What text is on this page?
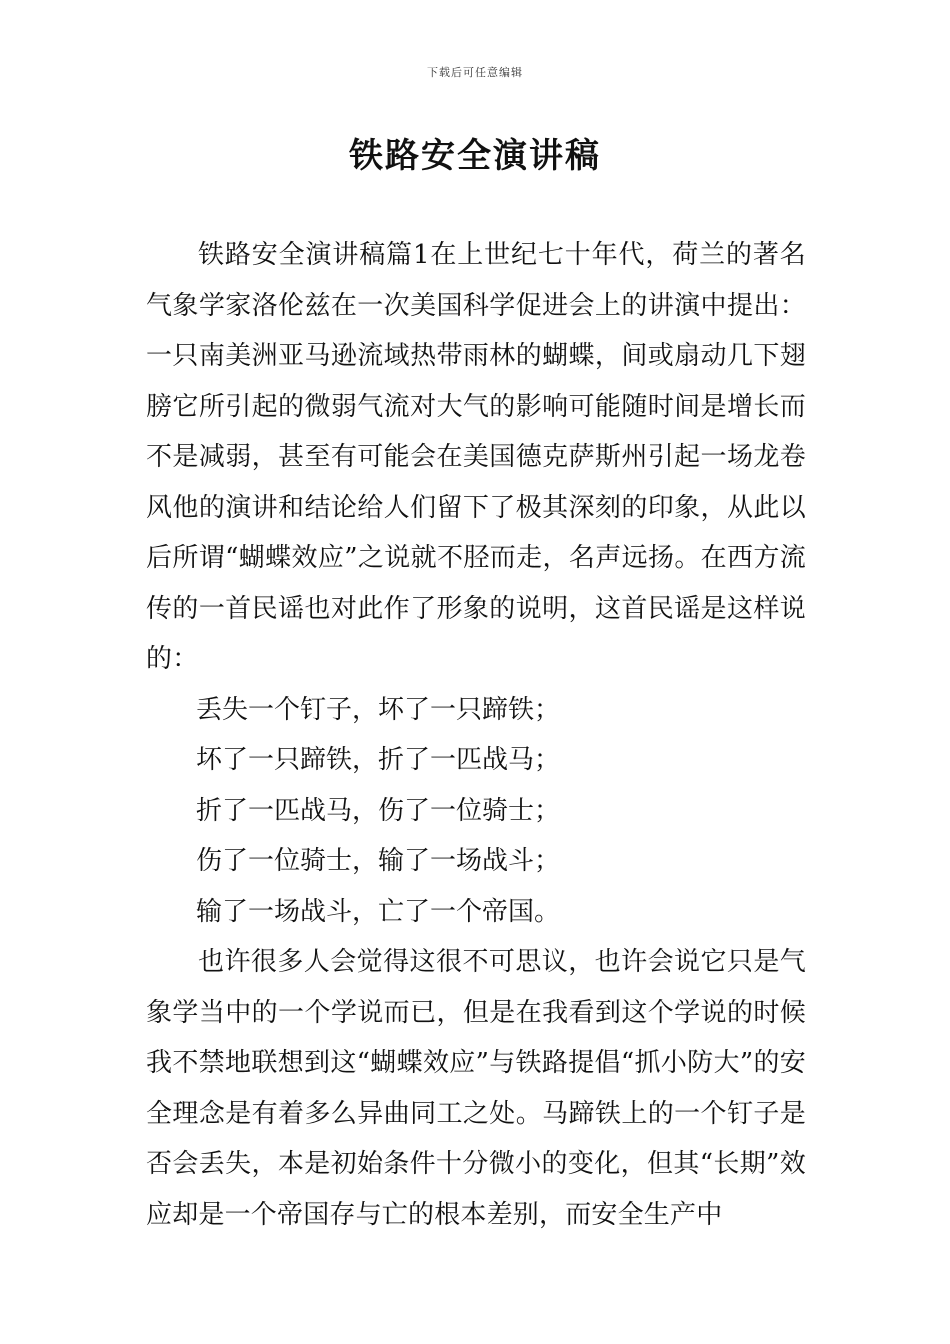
下载后可任意编辑
铁路安全演讲稿

铁路安全演讲稿篇1在上世纪七十年代，荷兰的著名气象学家洛伦兹在一次美国科学促进会上的讲演中提出：一只南美洲亚马逊流域热带雨林的蝴蝶，间或扇动几下翅膀它所引起的微弱气流对大气的影响可能随时间是增长而不是减弱，甚至有可能会在美国德克萨斯州引起一场龙卷风他的演讲和结论给人们留下了极其深刻的印象，从此以后所谓“蝴蝶效应”之说就不胫而走，名声远扬。在西方流传的一首民谣也对此作了形象的说明，这首民谣是这样说的：

丢失一个钉子，坏了一只蹄铁；

坏了一只蹄铁，折了一匹战马；

折了一匹战马，伤了一位骑士；

伤了一位骑士，输了一场战斗；

输了一场战斗，亡了一个帝国。

也许很多人会觉得这很不可思议，也许会说它只是气象学当中的一个学说而已，但是在我看到这个学说的时候我不禁地联想到这“蝴蝶效应”与铁路提倡“抓小防大”的安全理念是有着多么异曲同工之处。马蹄铁上的一个钉子是否会丢失，本是初始条件十分微小的变化，但其“长期”效应却是一个帝国存与亡的根本差别，而安全生产中
